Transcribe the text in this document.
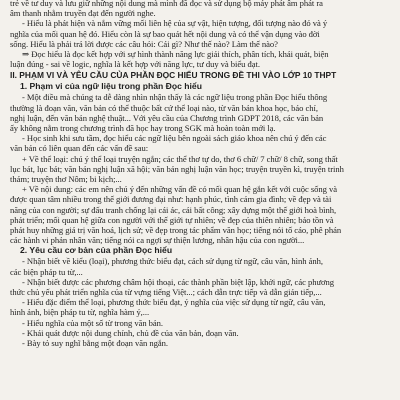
trẻ về tư duy và lưu giữ những nội dung mà mình đã đọc và sử dụng bộ máy phát âm phát ra
âm thanh nhằm truyền đạt đến người nghe.
- Hiểu là phát hiện và nắm vững mối liên hệ của sự vật, hiện tượng, đối tượng nào đó và ý
nghĩa của mối quan hệ đó. Hiểu còn là sự bao quát hết nội dung và có thể vận dụng vào đời
sống. Hiểu là phải trả lời được các câu hỏi: Cái gì? Như thế nào? Làm thế nào?
⇒ Đọc hiểu là đọc kết hợp với sự hình thành năng lực giải thích, phân tích, khái quát, biện
luận đúng - sai về logic, nghĩa là kết hợp với năng lực, tư duy và biểu đạt.
II. PHẠM VI VÀ YÊU CẦU CỦA PHẦN ĐỌC HIỂU TRONG ĐỀ THI VÀO LỚP 10 THPT
1. Phạm vi của ngữ liệu trong phần Đọc hiểu
- Một điều mà chúng ta dễ dàng nhìn nhận thấy là các ngữ liệu trong phần Đọc hiểu thông
thường là đoạn văn, văn bản có thể thuộc bất cứ thể loại nào, từ văn bản khoa học, báo chí,
nghị luận, đến văn bản nghệ thuật... Với yêu cầu của Chương trình GDPT 2018, các văn bản
ấy không nằm trong chương trình đã học hay trong SGK mà hoàn toàn mới lạ.
- Học sinh khi sưu tầm, đọc hiểu các ngữ liệu bên ngoài sách giáo khoa nên chú ý đến các
văn bản có liên quan đến các vấn đề sau:
+ Về thể loại: chú ý thể loại truyện ngắn; các thể thơ tự do, thơ 6 chữ/ 7 chữ/ 8 chữ, song thất
lục bát, lục bát; văn bản nghị luận xã hội; văn bản nghị luận văn học; truyện truyền kì, truyện trinh
thám; truyện thơ Nôm; bi kịch;...
+ Về nội dung: các em nên chú ý đến những vấn đề có mối quan hệ gắn kết với cuộc sống và
được quan tâm nhiều trong thế giới đương đại như: hạnh phúc, tình cảm gia đình; về đẹp và tài
năng của con người; sự đấu tranh chống lại cái ác, cái bất công; xây dựng một thế giới hoà bình,
phát triển; mối quan hệ giữa con người với thế giới tự nhiên; về đẹp của thiên nhiên; bảo tồn và
phát huy những giá trị văn hoá, lịch sử; về đẹp trong tác phẩm văn học; tiếng nói tố cáo, phê phán
các hành vi phản nhân văn; tiếng nói ca ngợi sự thiện lương, nhân hậu của con người...
2. Yêu cầu cơ bản của phần Đọc hiểu
- Nhận biết về kiểu (loại), phương thức biểu đạt, cách sử dụng từ ngữ, câu văn, hình ảnh,
các biện pháp tu từ,...
- Nhận biết được các phương châm hội thoại, các thành phần biệt lập, khởi ngữ, các phương
thức chủ yếu phát triển nghĩa của từ vựng tiếng Việt...; cách dẫn trực tiếp và dẫn gián tiếp,...
- Hiểu đặc điểm thể loại, phương thức biểu đạt, ý nghĩa của việc sử dụng từ ngữ, câu văn,
hình ảnh, biện pháp tu từ, nghĩa hàm ý,...
- Hiểu nghĩa của một số từ trong văn bản.
- Khái quát được nội dung chính, chủ đề của văn bản, đoạn văn.
- Bày tỏ suy nghĩ bằng một đoạn văn ngắn.
